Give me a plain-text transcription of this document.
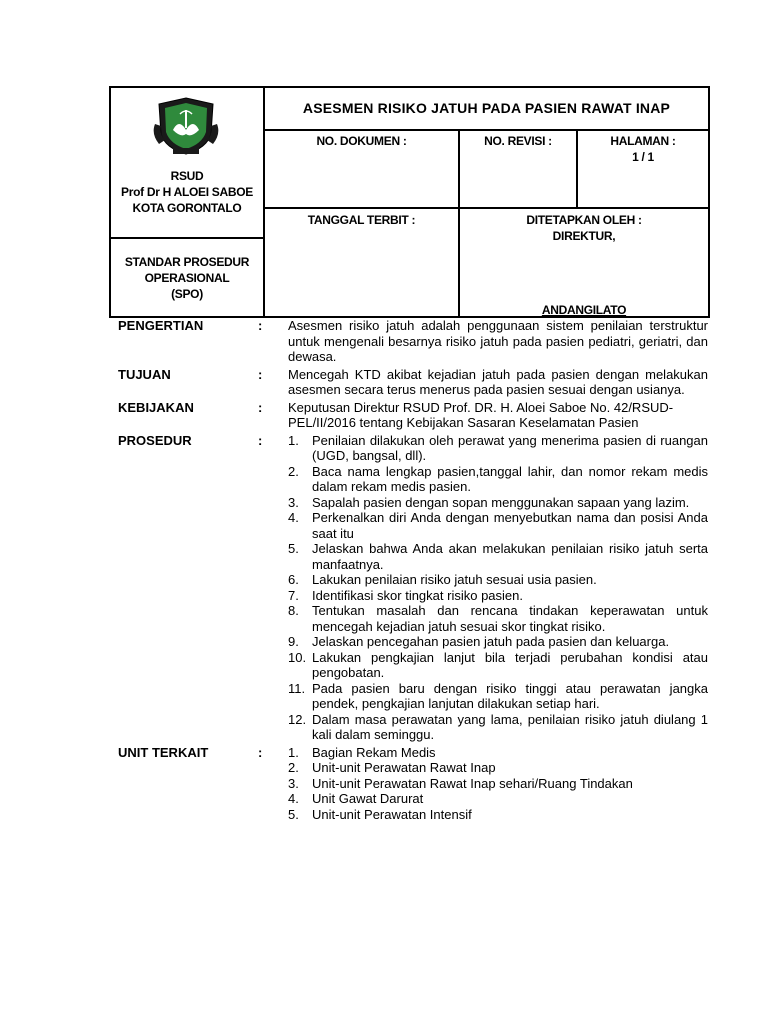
RSUD
Prof Dr H ALOEI SABOE
KOTA GORONTALO
STANDAR PROSEDUR
OPERASIONAL
(SPO)
ASESMEN RISIKO JATUH PADA PASIEN RAWAT INAP
NO. DOKUMEN :	NO. REVISI :	HALAMAN :
1 / 1
TANGGAL TERBIT :	DITETAPKAN OLEH :
DIREKTUR,
ANDANGILATO
PENGERTIAN	:	Asesmen risiko jatuh adalah penggunaan sistem penilaian terstruktur untuk mengenali besarnya risiko jatuh pada pasien pediatri, geriatri, dan dewasa.
TUJUAN	:	Mencegah KTD akibat kejadian jatuh pada pasien dengan melakukan asesmen secara terus menerus pada pasien sesuai dengan usianya.
KEBIJAKAN	:	Keputusan Direktur RSUD Prof. DR. H. Aloei Saboe No. 42/RSUD-PEL/II/2016 tentang Kebijakan Sasaran Keselamatan Pasien
PROSEDUR	:	1.	Penilaian dilakukan oleh perawat yang menerima pasien di ruangan (UGD, bangsal, dll).
2.	Baca nama lengkap pasien,tanggal lahir, dan nomor rekam medis dalam rekam medis pasien.
3.	Sapalah pasien dengan sopan menggunakan sapaan yang lazim.
4.	Perkenalkan diri Anda dengan menyebutkan nama dan posisi Anda saat itu
5.	Jelaskan bahwa Anda akan melakukan penilaian risiko jatuh serta manfaatnya.
6.	Lakukan penilaian risiko jatuh sesuai usia pasien.
7.	Identifikasi skor tingkat risiko pasien.
8.	Tentukan masalah dan rencana tindakan keperawatan untuk mencegah kejadian jatuh sesuai skor tingkat risiko.
9.	Jelaskan pencegahan pasien jatuh pada pasien dan keluarga.
10. Lakukan pengkajian lanjut bila terjadi perubahan kondisi atau pengobatan.
11. Pada pasien baru dengan risiko tinggi atau perawatan jangka pendek, pengkajian lanjutan dilakukan setiap hari.
12. Dalam masa perawatan yang lama, penilaian risiko jatuh diulang 1 kali dalam seminggu.
UNIT TERKAIT	:	1.	Bagian Rekam Medis
2.	Unit-unit Perawatan Rawat Inap
3.	Unit-unit Perawatan Rawat Inap sehari/Ruang Tindakan
4.	Unit Gawat Darurat
5.	Unit-unit Perawatan Intensif
